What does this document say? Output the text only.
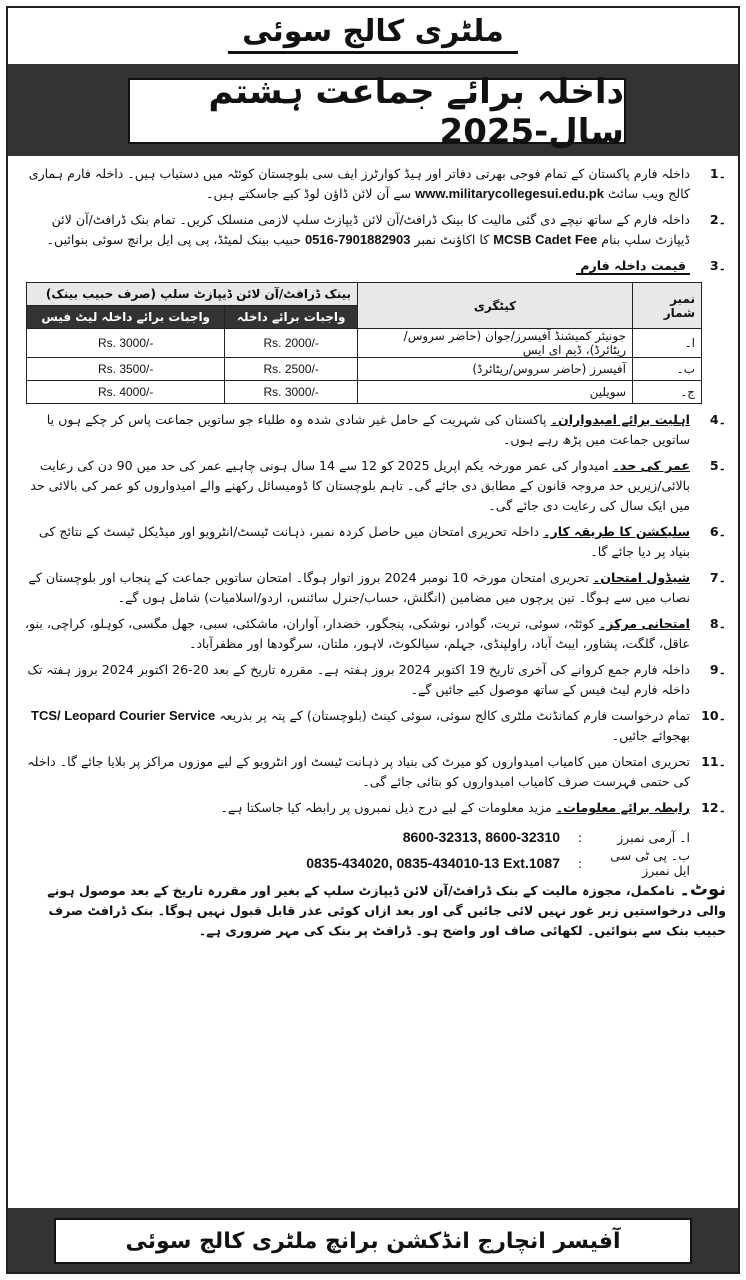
ملٹری کالج سوئی
داخلہ برائے جماعت ہشتم سال-2025
1۔
داخلہ فارم پاکستان کے تمام فوجی بھرتی دفاتر اور ہیڈ کوارٹرز ایف سی بلوچستان کوئٹہ میں دستیاب ہیں۔ داخلہ فارم ہماری کالج ویب سائٹ www.militarycollegesui.edu.pk سے آن لائن ڈاؤن لوڈ کیے جاسکتے ہیں۔
2۔
داخلہ فارم کے ساتھ نیچے دی گئی مالیت کا بینک ڈرافٹ/آن لائن ڈیپازٹ سلپ لازمی منسلک کریں۔ تمام بنک ڈرافٹ/آن لائن ڈیپازٹ سلپ بنام MCSB Cadet Fee کا اکاؤنٹ نمبر 0516-7901882903 حبیب بینک لمیٹڈ، پی پی ایل برانچ سوئی بنوائیں۔
3۔
قیمت داخلہ فارم
نمبر شمار	کیٹگری	بینک ڈرافٹ/آن لائن ڈیپازٹ سلپ (صرف حبیب بینک)	
		واجبات برائے داخلہ	واجبات برائے داخلہ لیٹ فیس
ا۔	جونیئر کمیشنڈ آفیسرز/جوان (حاضر سروس/ریٹائرڈ)، ڈیم ای ایس	Rs. 2000/-	Rs. 3000/-
ب۔	آفیسرز (حاضر سروس/ریٹائرڈ)	Rs. 2500/-	Rs. 3500/-
ج۔	سویلین	Rs. 3000/-	Rs. 4000/-
4۔
اہلیت برائے امیدواران۔ پاکستان کی شہریت کے حامل غیر شادی شدہ وہ طلباء جو ساتویں جماعت پاس کر چکے ہوں یا ساتویں جماعت میں پڑھ رہے ہوں۔
5۔
عمر کی حد۔ امیدوار کی عمر مورخہ یکم اپریل 2025 کو 12 سے 14 سال ہونی چاہیے عمر کی حد میں 90 دن کی رعایت بالائی/زیریں حد مروجہ قانون کے مطابق دی جائے گی۔ تاہم بلوچستان کا ڈومیسائل رکھنے والے امیدواروں کو عمر کی بالائی حد میں ایک سال کی رعایت دی جائے گی۔
6۔
سلیکشن کا طریقہ کار۔ داخلہ تحریری امتحان میں حاصل کردہ نمبر، ذہانت ٹیسٹ/انٹرویو اور میڈیکل ٹیسٹ کے نتائج کی بنیاد پر دیا جائے گا۔
7۔
شیڈول امتحان۔ تحریری امتحان مورخہ 10 نومبر 2024 بروز اتوار ہوگا۔ امتحان ساتویں جماعت کے پنجاب اور بلوچستان کے نصاب میں سے ہوگا۔ تین پرچوں میں مضامین (انگلش، حساب/جنرل سائنس، اردو/اسلامیات) شامل ہوں گے۔
8۔
امتحانی مرکز۔ کوئٹہ، سوئی، تربت، گوادر، نوشکی، پنجگور، خضدار، آواران، ماشکئی، سبی، جھل مگسی، کوہلو، کراچی، بنو، عاقل، گلگت، پشاور، ایبٹ آباد، راولپنڈی، جہلم، سیالکوٹ، لاہور، ملتان، سرگودھا اور مظفرآباد۔
9۔
داخلہ فارم جمع کروانے کی آخری تاریخ 19 اکتوبر 2024 بروز ہفتہ ہے۔ مقررہ تاریخ کے بعد 20-26 اکتوبر 2024 بروز ہفتہ تک داخلہ فارم لیٹ فیس کے ساتھ موصول کیے جائیں گے۔
10۔
تمام درخواست فارم کمانڈنٹ ملٹری کالج سوئی، سوئی کینٹ (بلوچستان) کے پتہ پر بذریعہ TCS/ Leopard Courier Service بھجوائے جائیں۔
11۔
تحریری امتحان میں کامیاب امیدواروں کو میرٹ کی بنیاد پر ذہانت ٹیسٹ اور انٹرویو کے لیے موزوں مراکز پر بلایا جائے گا۔ داخلہ کی حتمی فہرست صرف کامیاب امیدواروں کو بتائی جائے گی۔
12۔
رابطہ برائے معلومات۔ مزید معلومات کے لیے درج ذیل نمبروں پر رابطہ کیا جاسکتا ہے۔
ا۔ آرمی نمبرز
:
8600-32313, 8600-32310
ب۔ پی ٹی سی ایل نمبرز
:
0835-434020, 0835-434010-13 Ext.1087
نوٹ۔ نامکمل، مجوزہ مالیت کے بنک ڈرافٹ/آن لائن ڈیپازٹ سلپ کے بغیر اور مقررہ تاریخ کے بعد موصول ہونے والی درخواستیں زیر غور نہیں لائی جائیں گی اور بعد ازاں کوئی عذر قابل قبول نہیں ہوگا۔ بنک ڈرافٹ صرف حبیب بنک سے بنوائیں۔ لکھائی صاف اور واضح ہو۔ ڈرافٹ پر بنک کی مہر ضروری ہے۔
آفیسر انچارج انڈکشن برانچ ملٹری کالج سوئی
